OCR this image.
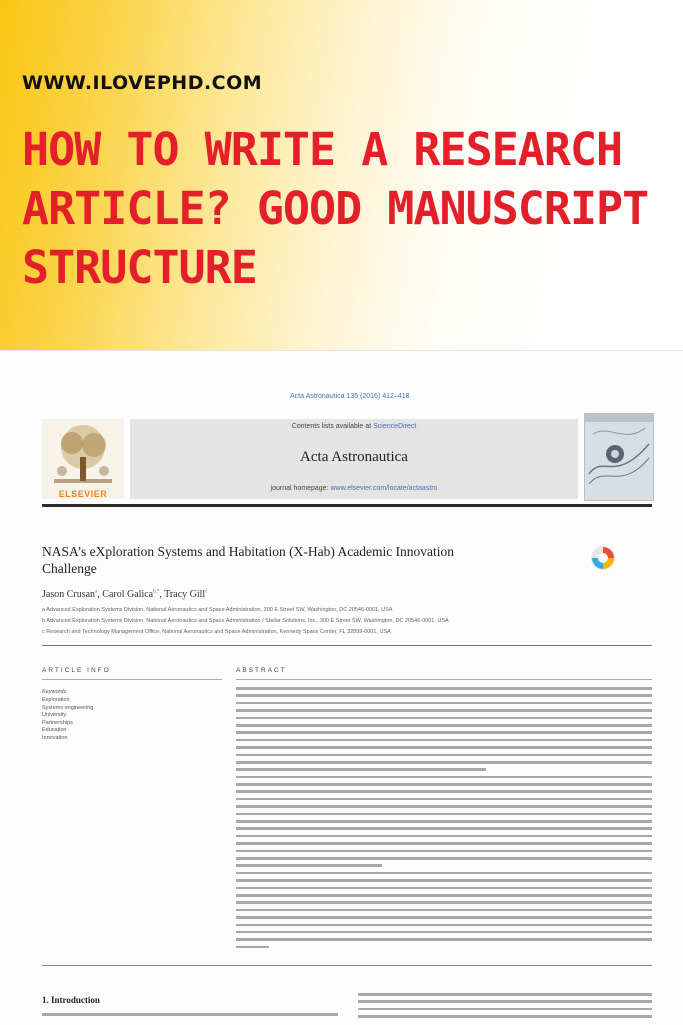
WWW.ILOVEPHD.COM
HOW TO WRITE A RESEARCH
ARTICLE? GOOD MANUSCRIPT
STRUCTURE
Acta Astronautica 135 (2016) 412–418
ELSEVIER
Contents lists available at ScienceDirect
Acta Astronautica
journal homepage: www.elsevier.com/locate/actaastro
NASA’s eXploration Systems and Habitation (X-Hab) Academic Innovation
Challenge
Jason Crusan$^a$, Carol Galica$^{b,*}$, Tracy Gill$^c$
a Advanced Exploration Systems Division, National Aeronautics and Space Administration, 300 E Street SW, Washington, DC 20546-0001, USA
b Advanced Exploration Systems Division, National Aeronautics and Space Administration / Stellar Solutions, Inc., 300 E Street SW, Washington, DC 20546-0001, USA
c Research and Technology Management Office, National Aeronautics and Space Administration, Kennedy Space Center, FL 32899-0001, USA
ARTICLE INFO	ABSTRACT
Keywords:
Exploration
Systems engineering
University
Partnerships
Education
Innovation
1. Introduction
